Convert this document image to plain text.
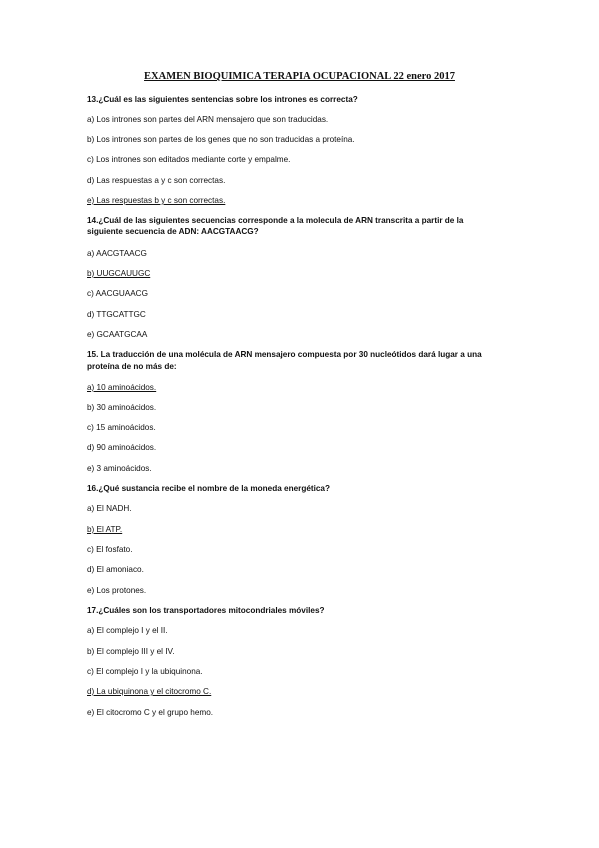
EXAMEN BIOQUIMICA TERAPIA OCUPACIONAL 22 enero 2017
13.¿Cuál es las siguientes sentencias sobre los intrones es correcta?
a) Los intrones son partes del ARN mensajero que son traducidas.
b) Los intrones son partes de los genes que no son traducidas a proteína.
c) Los intrones son editados mediante corte y empalme.
d) Las respuestas a y c son correctas.
e) Las respuestas b y c son correctas.
14.¿Cuál de las siguientes secuencias corresponde a la molecula de ARN transcrita a partir de la
siguiente secuencia de ADN: AACGTAACG?
a) AACGTAACG
b) UUGCAUUGC
c) AACGUAACG
d) TTGCATTGC
e) GCAATGCAA
15. La traducción de una molécula de ARN mensajero compuesta por 30 nucleótidos dará lugar a una
proteína de no más de:
a) 10 aminoácidos.
b) 30 aminoácidos.
c) 15 aminoácidos.
d) 90 aminoácidos.
e) 3 aminoácidos.
16.¿Qué sustancia recibe el nombre de la moneda energética?
a) El NADH.
b) El ATP.
c) El fosfato.
d) El amoniaco.
e) Los protones.
17.¿Cuáles son los transportadores mitocondriales móviles?
a) El complejo I y el II.
b) El complejo III y el IV.
c) El complejo I y la ubiquinona.
d) La ubiquinona y el citocromo C.
e) El citocromo C y el grupo hemo.
